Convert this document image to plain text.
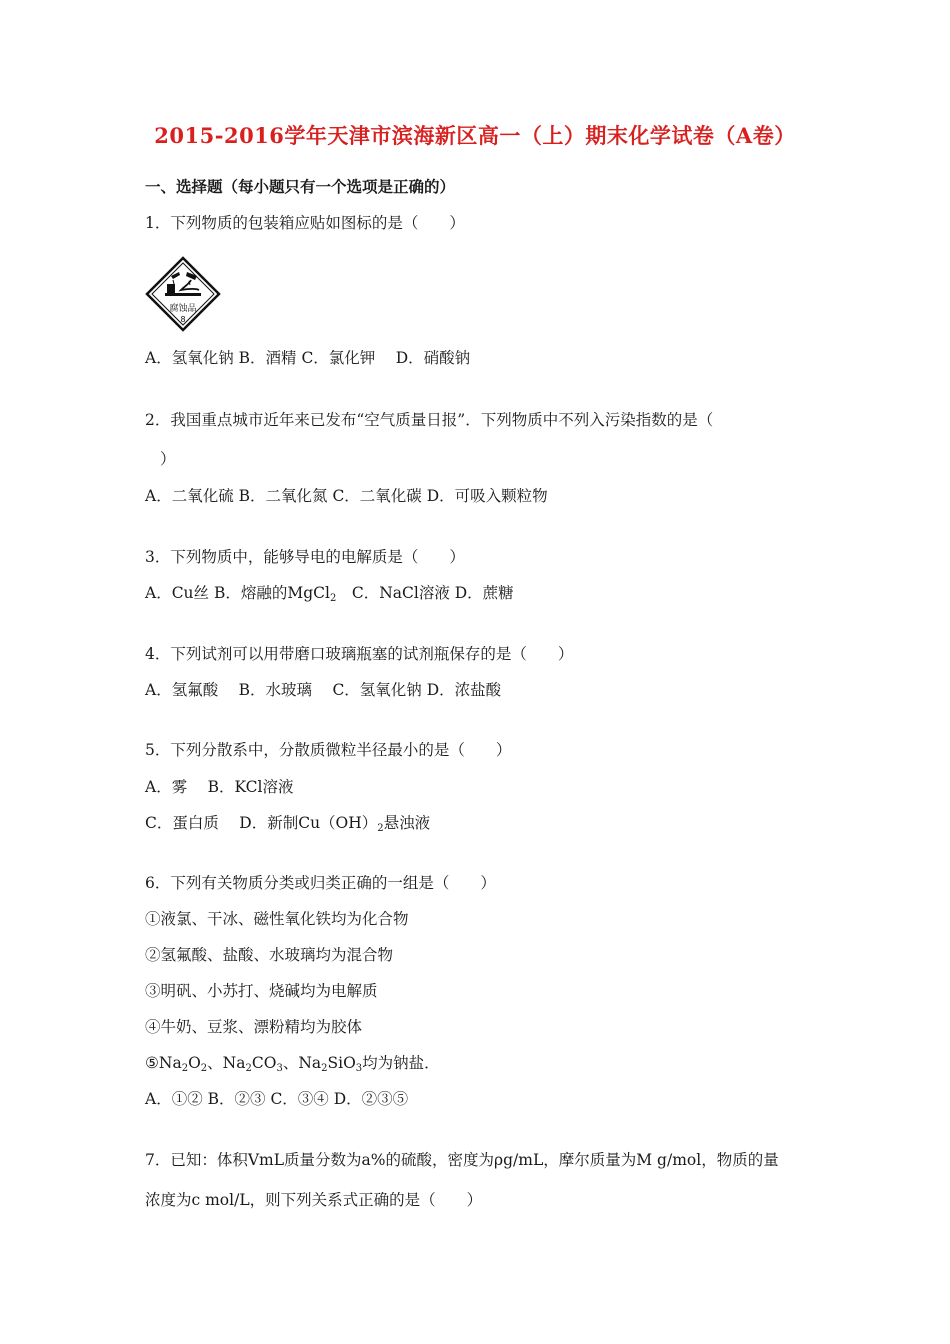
2015-2016学年天津市滨海新区高一（上）期末化学试卷（A卷）
一、选择题（每小题只有一个选项是正确的）
1．下列物质的包装箱应贴如图标的是（　　）
腐蚀品
8
A．氢氧化钠 B．酒精 C．氯化钾　 D．硝酸钠
2．我国重点城市近年来已发布“空气质量日报”．下列物质中不列入污染指数的是（
）
A．二氧化硫 B．二氧化氮 C．二氧化碳 D．可吸入颗粒物
3．下列物质中，能够导电的电解质是（　　）
A．Cu丝 B．熔融的MgCl$_2$　C．NaCl溶液 D．蔗糖
4．下列试剂可以用带磨口玻璃瓶塞的试剂瓶保存的是（　　）
A．氢氟酸　 B．水玻璃　 C．氢氧化钠 D．浓盐酸
5．下列分散系中，分散质微粒半径最小的是（　　）
A．雾　 B．KCl溶液
C．蛋白质　 D．新制$Cu(OH)_2$悬浊液
6．下列有关物质分类或归类正确的一组是（　　）
①液氯、干冰、磁性氧化铁均为化合物
②氢氟酸、盐酸、水玻璃均为混合物
③明矾、小苏打、烧碱均为电解质
④牛奶、豆浆、漂粉精均为胶体
$⑤Na_2O_2$、$Na_2CO_3$、$Na_2SiO_3$均为钠盐．
A．①② B．②③ C．③④ D．②③⑤
7．已知：体积VmL质量分数为a%的硫酸，密度为ρg/mL，摩尔质量为M g/mol，物质的量
浓度为c mol/L，则下列关系式正确的是（　　）
